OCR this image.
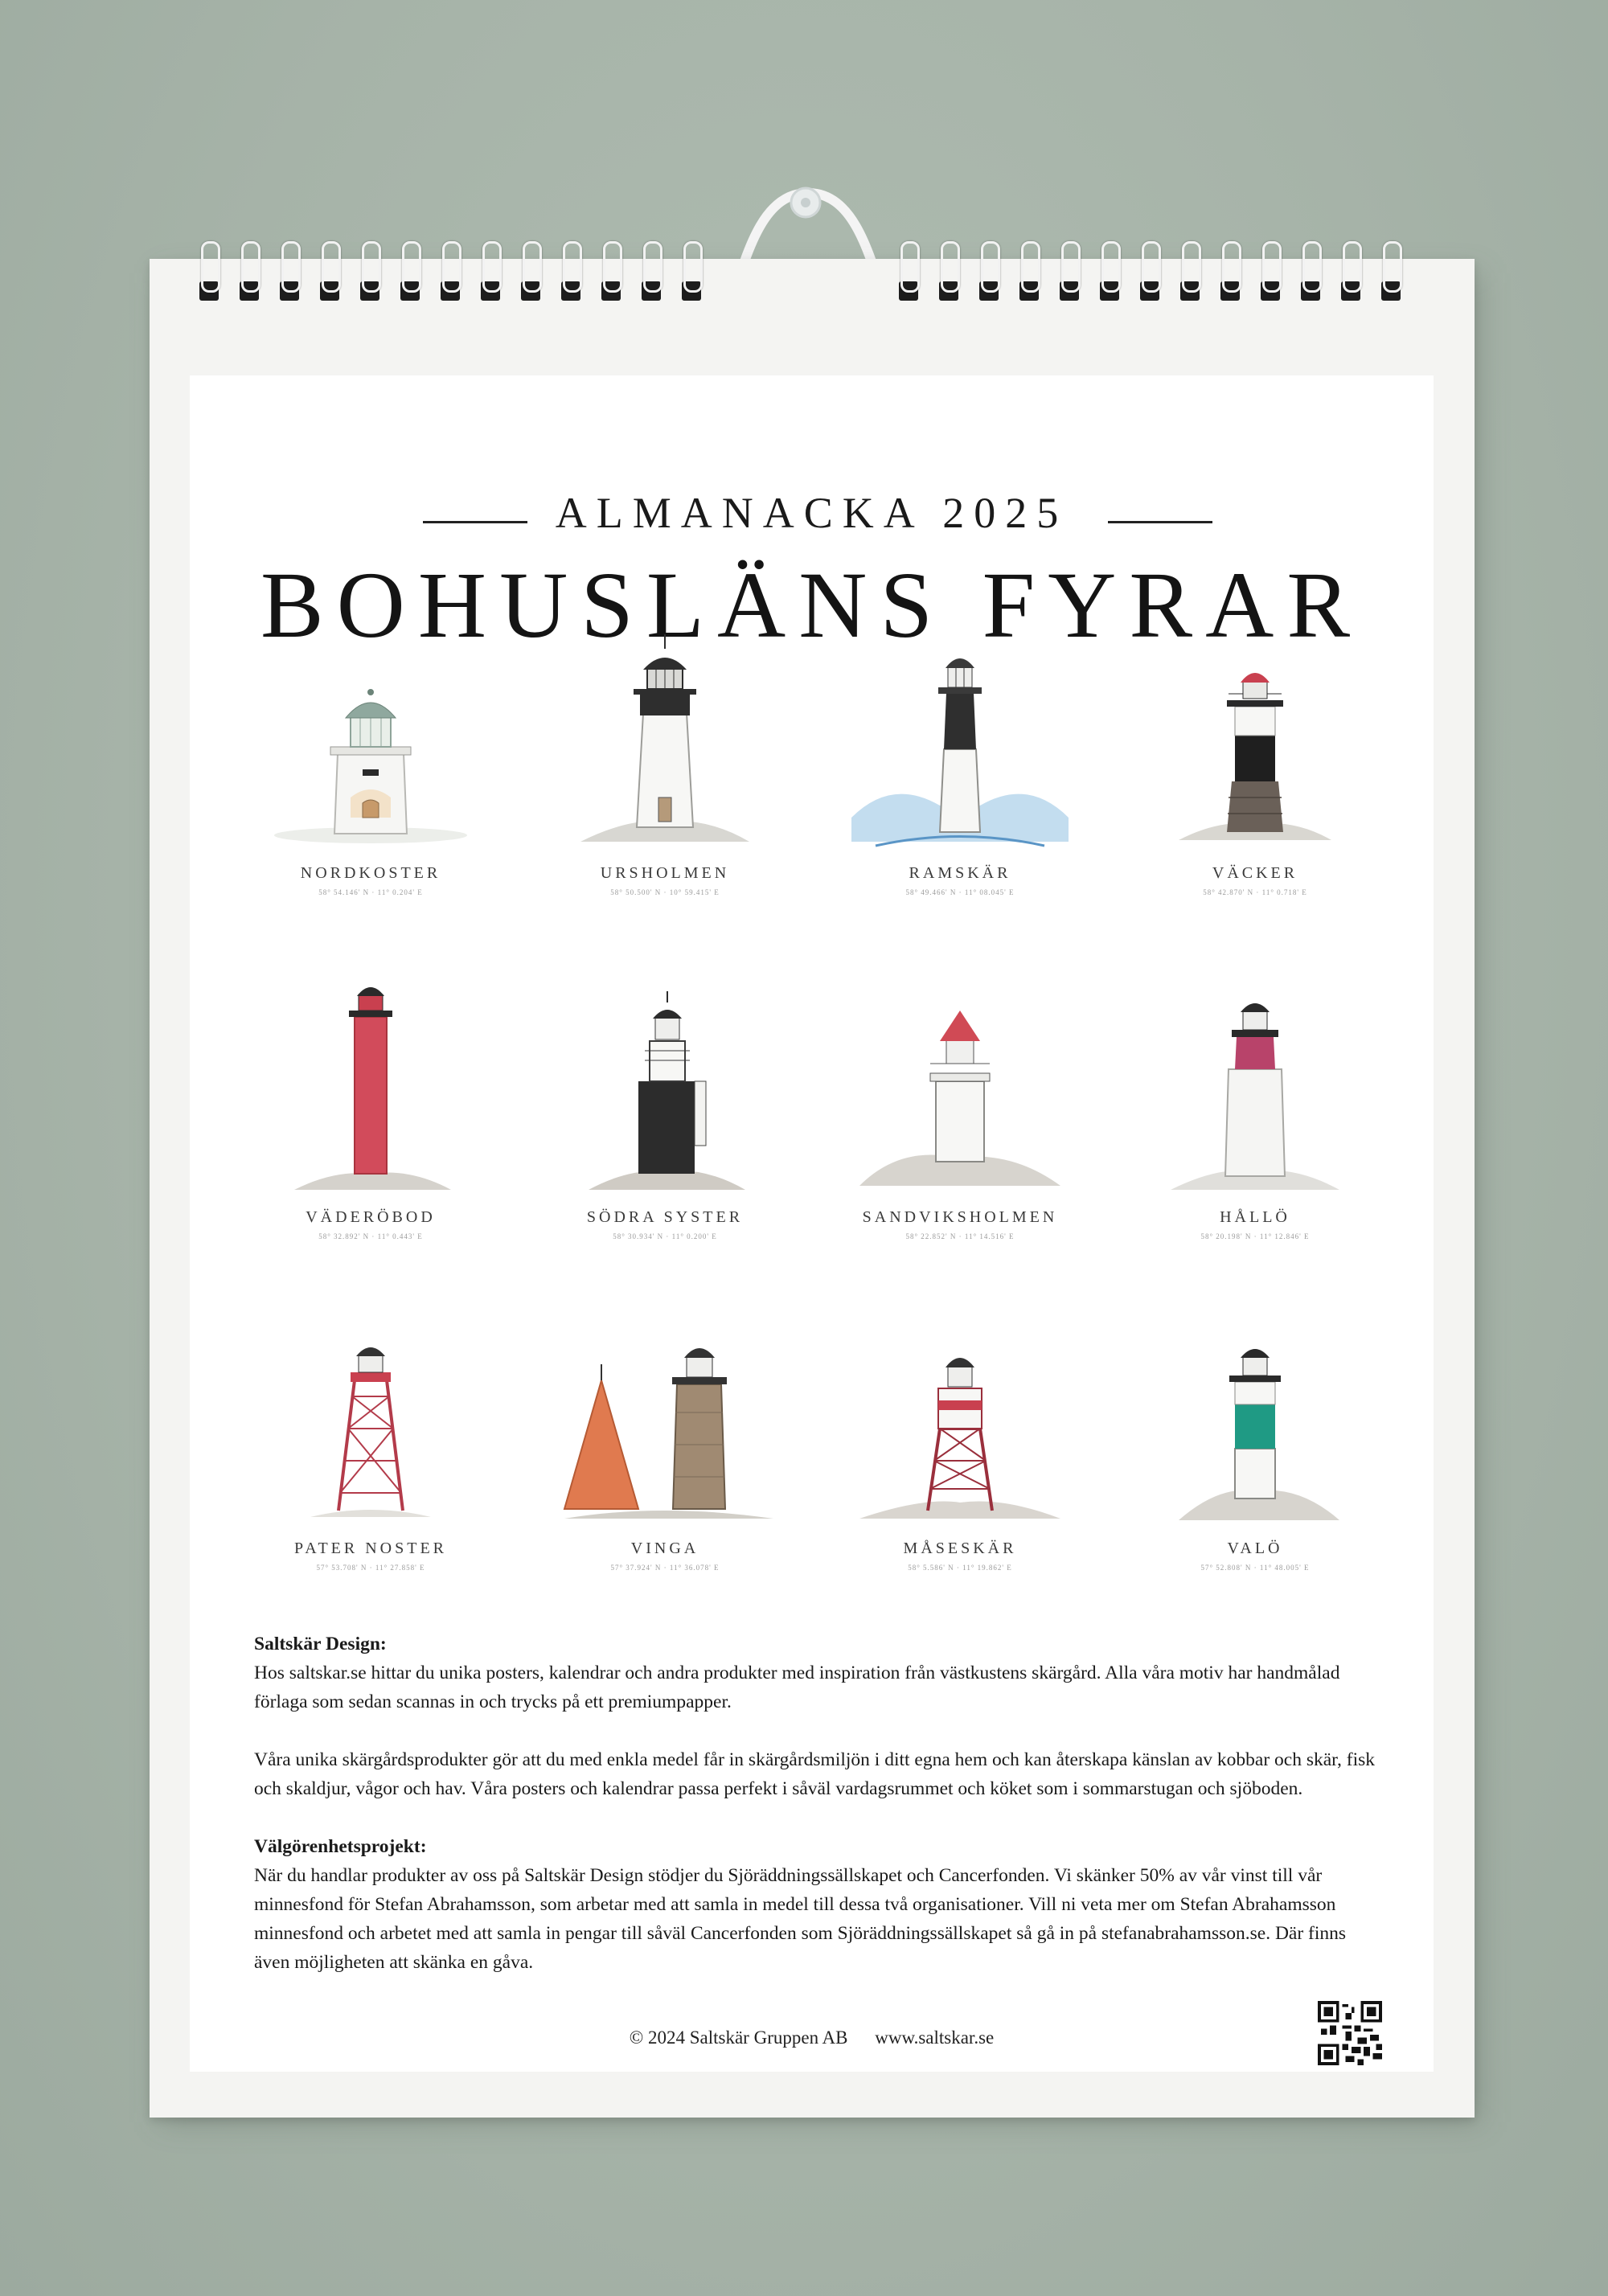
ALMANACKA 2025
BOHUSLÄNS FYRAR
NORDKOSTER
58° 54.146' N · 11° 0.204' E
URSHOLMEN
58° 50.500' N · 10° 59.415' E
RAMSKÄR
58° 49.466' N · 11° 08.045' E
VÄCKER
58° 42.870' N · 11° 0.718' E
VÄDERÖBOD
58° 32.892' N · 11° 0.443' E
SÖDRA SYSTER
58° 30.934' N · 11° 0.200' E
SANDVIKSHOLMEN
58° 22.852' N · 11° 14.516' E
HÅLLÖ
58° 20.198' N · 11° 12.846' E
PATER NOSTER
57° 53.708' N · 11° 27.858' E
VINGA
57° 37.924' N · 11° 36.078' E
MÅSESKÄR
58° 5.586' N · 11° 19.862' E
VALÖ
57° 52.808' N · 11° 48.005' E

Saltskär Design:
Hos saltskar.se hittar du unika posters, kalendrar och andra produkter med inspiration från västkustens skärgård. Alla våra motiv har handmålad förlaga som sedan scannas in och trycks på ett premiumpapper.

Våra unika skärgårdsprodukter gör att du med enkla medel får in skärgårdsmiljön i ditt egna hem och kan återskapa känslan av kobbar och skär, fisk och skaldjur, vågor och hav. Våra posters och kalendrar passa perfekt i såväl vardagsrummet och köket som i sommarstugan och sjöboden.

Välgörenhetsprojekt:
När du handlar produkter av oss på Saltskär Design stödjer du Sjöräddningssällskapet och Cancerfonden. Vi skänker 50% av vår vinst till vår minnesfond för Stefan Abrahamsson, som arbetar med att samla in medel till dessa två organisationer. Vill ni veta mer om Stefan Abrahamsson minnesfond och arbetet med att samla in pengar till såväl Cancerfonden som Sjöräddningssällskapet så gå in på stefanabrahamsson.se. Där finns även möjligheten att skänka en gåva.

© 2024 Saltskär Gruppen AB www.saltskar.se
